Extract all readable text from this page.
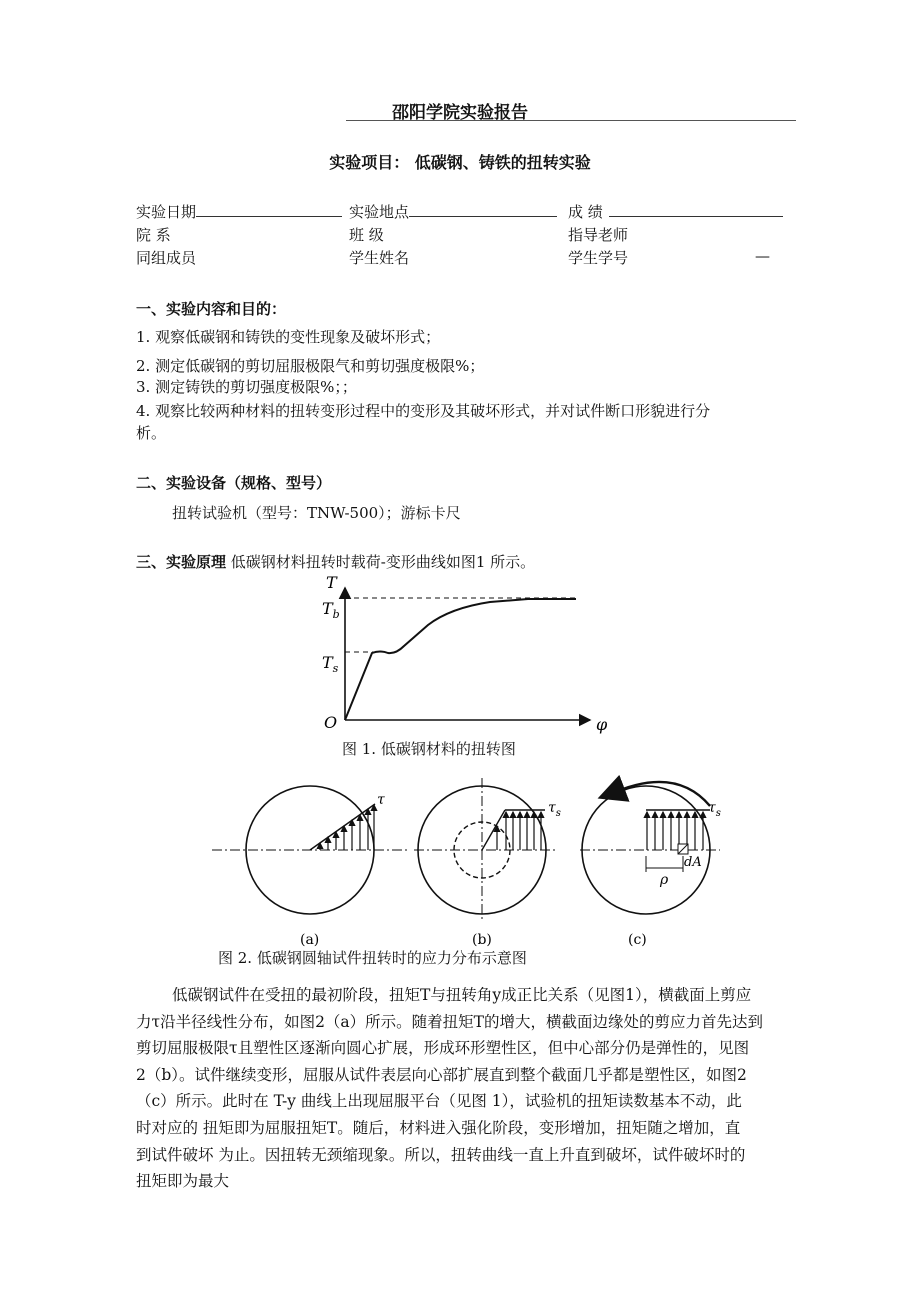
邵阳学院实验报告
实验项目： 低碳钢、铸铁的扭转实验
实验日期	实验地点	成 绩
院 系	班 级	指导老师
同组成员	学生姓名	学生学号	—
一、实验内容和目的：
1. 观察低碳钢和铸铁的变性现象及破坏形式；
2. 测定低碳钢的剪切屈服极限气和剪切强度极限%；
3. 测定铸铁的剪切强度极限%；；
4. 观察比较两种材料的扭转变形过程中的变形及其破坏形式，并对试件断口形貌进行分
析。
二、实验设备（规格、型号）
扭转试验机（型号：TNW-500）；游标卡尺
三、实验原理 低碳钢材料扭转时载荷-变形曲线如图1 所示。
T
$T_b$
$T_s$
O	φ
图 1. 低碳钢材料的扭转图
τ	$\tau_s$
ρ
dA
$\tau_s$
(a)	(b)	(c)
图 2. 低碳钢圆轴试件扭转时的应力分布示意图
低碳钢试件在受扭的最初阶段，扭矩T与扭转角y成正比关系（见图1），横截面上剪应
力τ沿半径线性分布，如图2（a）所示。随着扭矩T的增大，横截面边缘处的剪应力首先达到
剪切屈服极限τ且塑性区逐渐向圆心扩展，形成环形塑性区，但中心部分仍是弹性的，见图
2（b）。试件继续变形，屈服从试件表层向心部扩展直到整个截面几乎都是塑性区，如图2
（c）所示。此时在 T-y 曲线上出现屈服平台（见图 1），试验机的扭矩读数基本不动，此
时对应的 扭矩即为屈服扭矩T。随后，材料进入强化阶段，变形增加，扭矩随之增加，直
到试件破坏 为止。因扭转无颈缩现象。所以，扭转曲线一直上升直到破坏，试件破坏时的
扭矩即为最大
